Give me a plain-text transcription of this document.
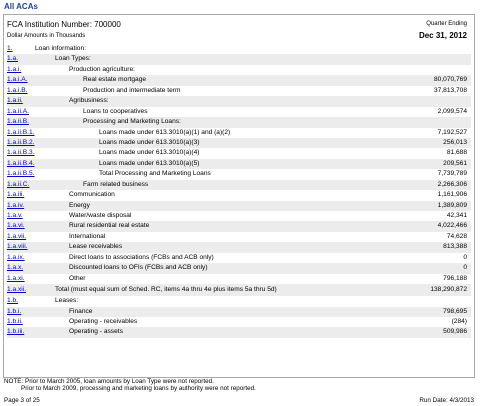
All ACAs
FCA Institution Number: 700000	Quarter Ending
Dollar Amounts in Thousands	Dec 31, 2012
1.	Loan information:
1.a.	Loan Types:
1.a.i.	Production agriculture:
1.a.i.A.	Real estate mortgage	80,070,769
1.a.i.B.	Production and intermediate term	37,813,708
1.a.ii.	Agribusiness:
1.a.ii.A.	Loans to cooperatives	2,099,574
1.a.ii.B.	Processing and Marketing Loans:
1.a.ii.B.1.	Loans made under 613.3010(a)(1) and (a)(2)	7,192,527
1.a.ii.B.2.	Loans made under 613.3010(a)(3)	256,013
1.a.ii.B.3.	Loans made under 613.3010(a)(4)	81,688
1.a.ii.B.4.	Loans made under 613.3010(a)(5)	209,561
1.a.ii.B.5.	Total Processing and Marketing Loans	7,739,789
1.a.ii.C.	Farm related business	2,266,306
1.a.iii.	Communication	1,161,906
1.a.iv.	Energy	1,389,809
1.a.v.	Water/waste disposal	42,341
1.a.vi.	Rural residential real estate	4,022,466
1.a.vii.	International	74,628
1.a.viii.	Lease receivables	813,388
1.a.ix.	Direct loans to associations (FCBs and ACB only)	0
1.a.x.	Discounted loans to OFIs (FCBs and ACB only)	0
1.a.xi.	Other	796,188
1.a.xii.	Total (must equal sum of Sched. RC, items 4a thru 4e plus items 5a thru 5d)	138,290,872
1.b.	Leases:
1.b.i.	Finance	798,695
1.b.ii.	Operating - receivables	(284)
1.b.iii.	Operating - assets	509,986
NOTE: Prior to March 2005, loan amounts by Loan Type were not reported.
Prior to March 2009, processing and marketing loans by authority were not reported.
Page 3 of 25	Run Date: 4/3/2013
